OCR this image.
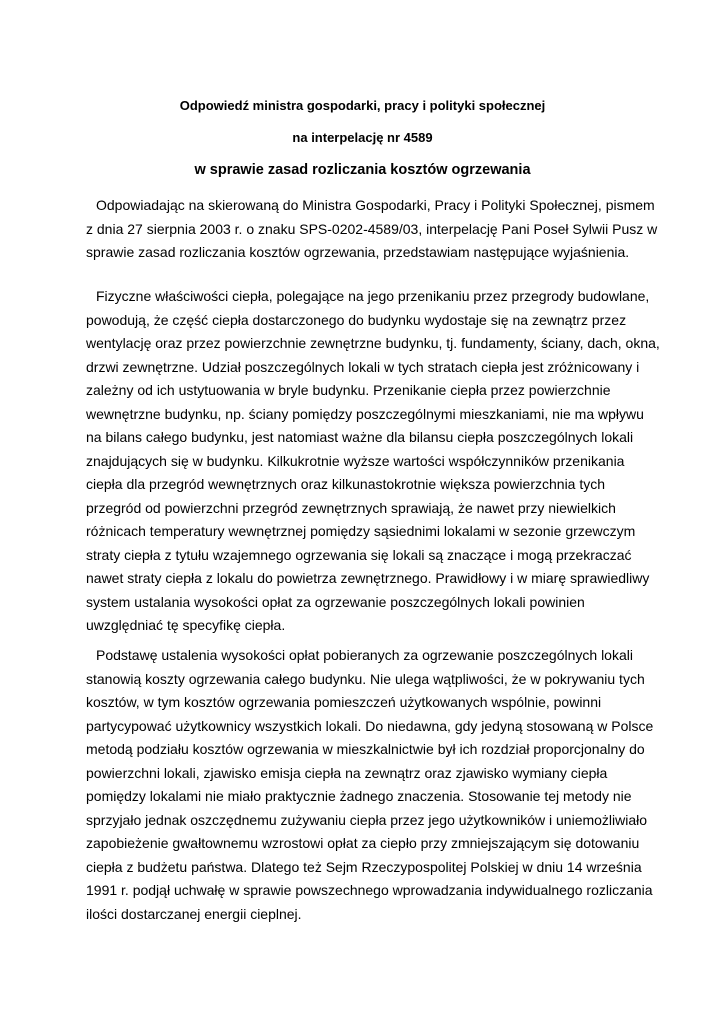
Odpowiedź ministra gospodarki, pracy i polityki społecznej
na interpelację nr 4589
w sprawie zasad rozliczania kosztów ogrzewania

Odpowiadając na skierowaną do Ministra Gospodarki, Pracy i Polityki Społecznej, pismem
z dnia 27 sierpnia 2003 r. o znaku SPS-0202-4589/03, interpelację Pani Poseł Sylwii Pusz w
sprawie zasad rozliczania kosztów ogrzewania, przedstawiam następujące wyjaśnienia.

Fizyczne właściwości ciepła, polegające na jego przenikaniu przez przegrody budowlane,
powodują, że część ciepła dostarczonego do budynku wydostaje się na zewnątrz przez
wentylację oraz przez powierzchnie zewnętrzne budynku, tj. fundamenty, ściany, dach, okna,
drzwi zewnętrzne. Udział poszczególnych lokali w tych stratach ciepła jest zróżnicowany i
zależny od ich ustytuowania w bryle budynku. Przenikanie ciepła przez powierzchnie
wewnętrzne budynku, np. ściany pomiędzy poszczególnymi mieszkaniami, nie ma wpływu
na bilans całego budynku, jest natomiast ważne dla bilansu ciepła poszczególnych lokali
znajdujących się w budynku. Kilkukrotnie wyższe wartości współczynników przenikania
ciepła dla przegród wewnętrznych oraz kilkunastokrotnie większa powierzchnia tych
przegród od powierzchni przegród zewnętrznych sprawiają, że nawet przy niewielkich
różnicach temperatury wewnętrznej pomiędzy sąsiednimi lokalami w sezonie grzewczym
straty ciepła z tytułu wzajemnego ogrzewania się lokali są znaczące i mogą przekraczać
nawet straty ciepła z lokalu do powietrza zewnętrznego. Prawidłowy i w miarę sprawiedliwy
system ustalania wysokości opłat za ogrzewanie poszczególnych lokali powinien
uwzględniać tę specyfikę ciepła.

Podstawę ustalenia wysokości opłat pobieranych za ogrzewanie poszczególnych lokali
stanowią koszty ogrzewania całego budynku. Nie ulega wątpliwości, że w pokrywaniu tych
kosztów, w tym kosztów ogrzewania pomieszczeń użytkowanych wspólnie, powinni
partycypować użytkownicy wszystkich lokali. Do niedawna, gdy jedyną stosowaną w Polsce
metodą podziału kosztów ogrzewania w mieszkalnictwie był ich rozdział proporcjonalny do
powierzchni lokali, zjawisko emisja ciepła na zewnątrz oraz zjawisko wymiany ciepła
pomiędzy lokalami nie miało praktycznie żadnego znaczenia. Stosowanie tej metody nie
sprzyjało jednak oszczędnemu zużywaniu ciepła przez jego użytkowników i uniemożliwiało
zapobieżenie gwałtownemu wzrostowi opłat za ciepło przy zmniejszającym się dotowaniu
ciepła z budżetu państwa. Dlatego też Sejm Rzeczypospolitej Polskiej w dniu 14 września
1991 r. podjął uchwałę w sprawie powszechnego wprowadzania indywidualnego rozliczania
ilości dostarczanej energii cieplnej.
